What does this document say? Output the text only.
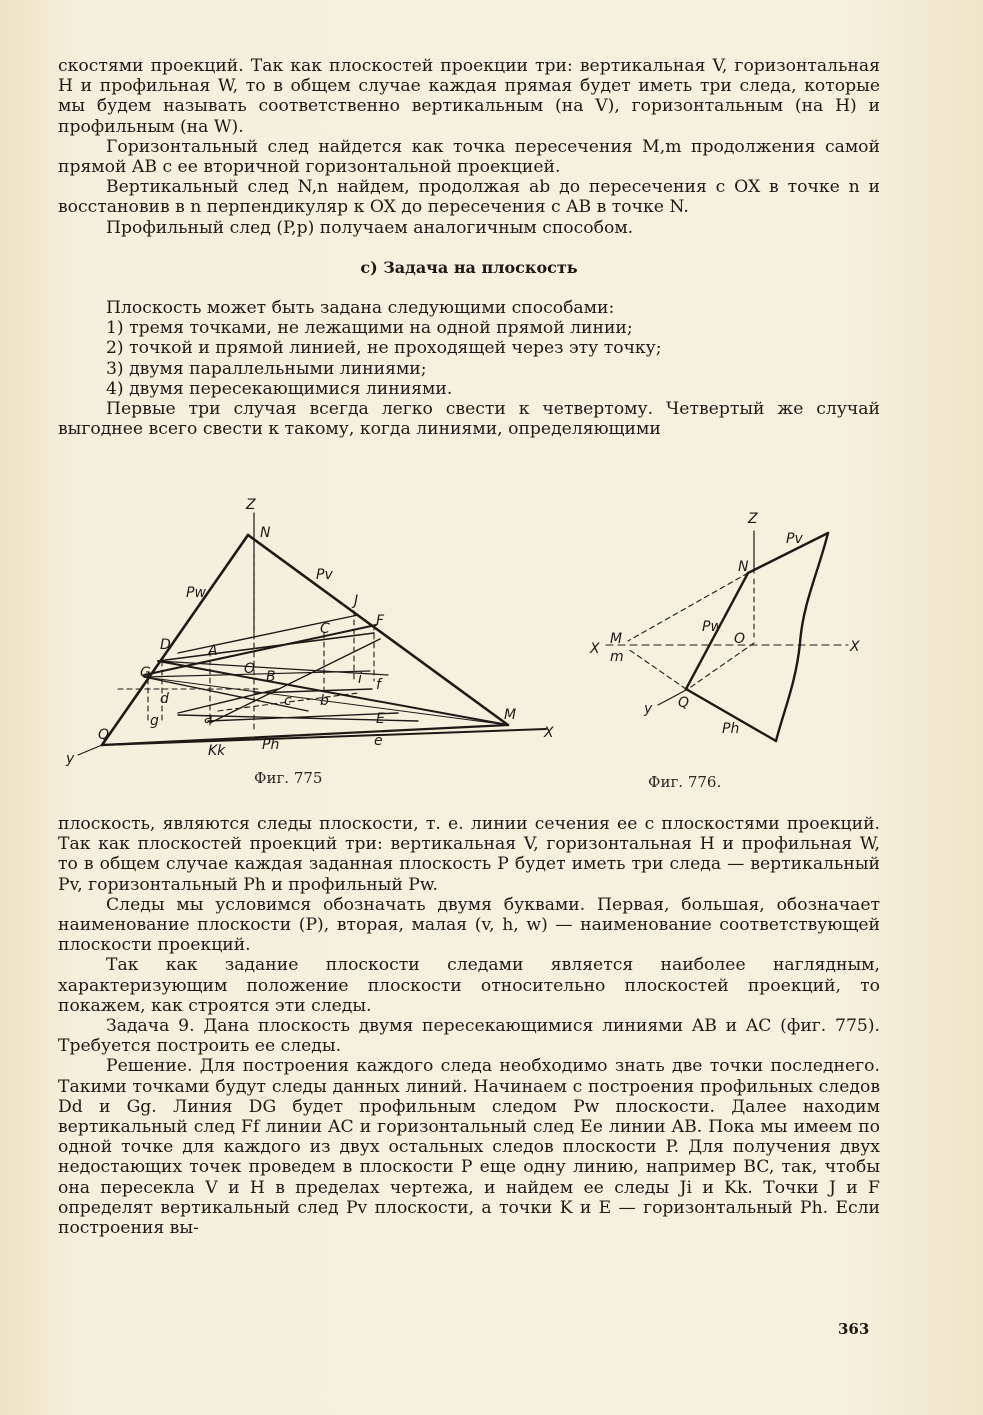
скостями проекций. Так как плоскостей проекции три: вертикальная V, горизонтальная H и профильная W, то в общем случае каждая прямая будет иметь три следа, которые мы будем называть соответственно вертикальным (на V), горизонтальным (на H) и профильным (на W).

Горизонтальный след найдется как точка пересечения M,m продолжения самой прямой AB с ее вторичной горизонтальной проекцией.

Вертикальный след N,n найдем, продолжая ab до пересечения с OX в точке n и восстановив в n перпендикуляр к OX до пересечения с AB в точке N.

Профильный след (P,p) получаем аналогичным способом.

c) Задача на плоскость

Плоскость может быть задана следующими способами:

1) тремя точками, не лежащими на одной прямой линии;

2) точкой и прямой линией, не проходящей через эту точку;

3) двумя параллельными линиями;

4) двумя пересекающимися линиями.

Первые три случая всегда легко свести к четвертому. Четвертый же случай выгоднее всего свести к такому, когда линиями, определяющими

Z
N
Pw
Pv
J
F
C
D	A
O B	i f
G
d
g	a
c b
E	M
Q
Kk	Ph	e	X
y
Z
Pv
N
Pw
O	X
M
m
X
y Q
Ph
Фиг. 775	Фиг. 776.

плоскость, являются следы плоскости, т. е. линии сечения ее с плоскостями проекций. Так как плоскостей проекций три: вертикальная V, горизонтальная H и профильная W, то в общем случае каждая заданная плоскость P будет иметь три следа — вертикальный Pv, горизонтальный Ph и профильный Pw.

Следы мы условимся обозначать двумя буквами. Первая, большая, обозначает наименование плоскости (P), вторая, малая (v, h, w) — наименование соответствующей плоскости проекций.

Так как задание плоскости следами является наиболее наглядным, характеризующим положение плоскости относительно плоскостей проекций, то покажем, как строятся эти следы.

Задача 9. Дана плоскость двумя пересекающимися линиями AB и AC (фиг. 775). Требуется построить ее следы.

Решение. Для построения каждого следа необходимо знать две точки последнего. Такими точками будут следы данных линий. Начинаем с построения профильных следов Dd и Gg. Линия DG будет профильным следом Pw плоскости. Далее находим вертикальный след Ff линии AC и горизонтальный след Ee линии AB. Пока мы имеем по одной точке для каждого из двух остальных следов плоскости P. Для получения двух недостающих точек проведем в плоскости P еще одну линию, например BC, так, чтобы она пересекла V и H в пределах чертежа, и найдем ее следы Ji и Kk. Точки J и F определят вертикальный след Pv плоскости, а точки K и E — горизонтальный Ph. Если построения вы-

363
